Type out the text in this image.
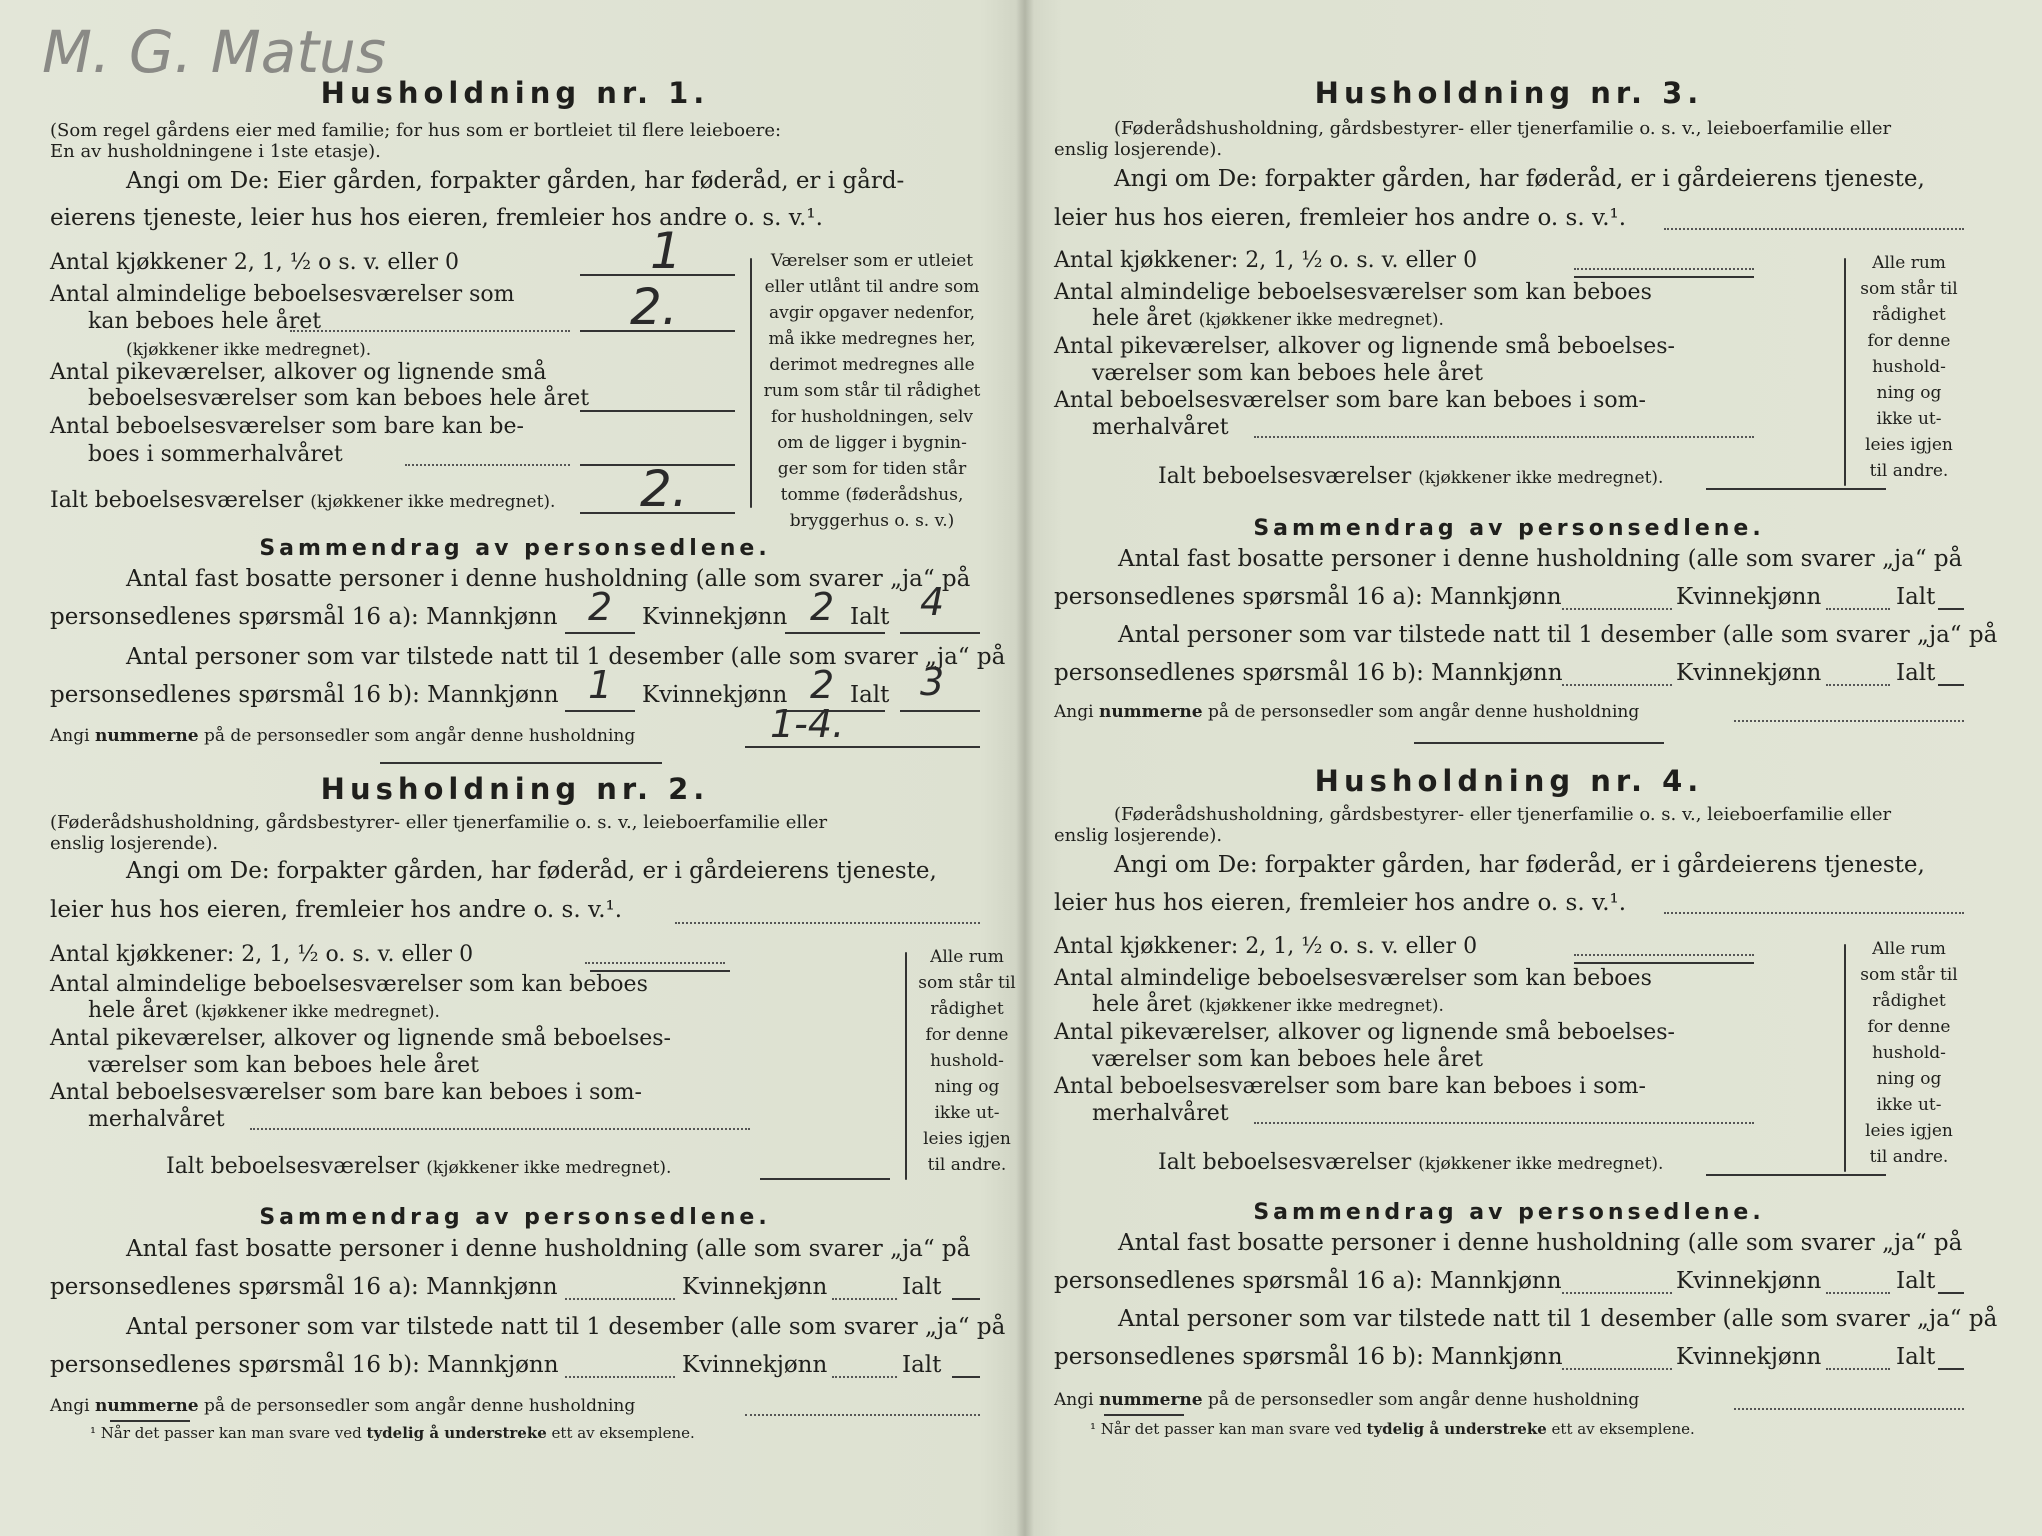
M. G. Matus
Husholdning nr. 1.
(Som regel gårdens eier med familie; for hus som er bortleiet til flere leieboere:
En av husholdningene i 1ste etasje).
Angi om De: Eier gården, forpakter gården, har føderåd, er i gård-
eierens tjeneste, leier hus hos eieren, fremleier hos andre o. s. v.¹.
Antal kjøkkener 2, 1, ½ o s. v. eller 0	1
Antal almindelige beboelsesværelser som
kan beboes hele året	2.
(kjøkkener ikke medregnet).
Antal pikeværelser, alkover og lignende små
beboelsesværelser som kan beboes hele året
Antal beboelsesværelser som bare kan be-
boes i sommerhalvåret
Ialt beboelsesværelser (kjøkkener ikke medregnet). 2.
Værelser som er utleiet
eller utlånt til andre som
avgir opgaver nedenfor,
må ikke medregnes her,
derimot medregnes alle
rum som står til rådighet
for husholdningen, selv
om de ligger i bygnin-
ger som for tiden står
tomme (føderådshus,
bryggerhus o. s. v.)
Sammendrag av personsedlene.
Antal fast bosatte personer i denne husholdning (alle som svarer „ja“ på
personsedlenes spørsmål 16 a): Mannkjønn 2 Kvinnekjønn 2 Ialt 4
Antal personer som var tilstede natt til 1 desember (alle som svarer „ja“ på
personsedlenes spørsmål 16 b): Mannkjønn 1 Kvinnekjønn 2 Ialt 3
Angi nummerne på de personsedler som angår denne husholdning	1-4.
Husholdning nr. 2.
(Føderådshusholdning, gårdsbestyrer- eller tjenerfamilie o. s. v., leieboerfamilie eller
enslig losjerende).
Angi om De: forpakter gården, har føderåd, er i gårdeierens tjeneste,
leier hus hos eieren, fremleier hos andre o. s. v.¹.
Antal kjøkkener: 2, 1, ½ o. s. v. eller 0
Antal almindelige beboelsesværelser som kan beboes
hele året (kjøkkener ikke medregnet).
Antal pikeværelser, alkover og lignende små beboelses-
værelser som kan beboes hele året
Antal beboelsesværelser som bare kan beboes i som-
merhalvåret
Ialt beboelsesværelser (kjøkkener ikke medregnet).
Alle rum
som står til
rådighet
for denne
hushold-
ning og
ikke ut-
leies igjen
til andre.
Sammendrag av personsedlene.
Antal fast bosatte personer i denne husholdning (alle som svarer „ja“ på
personsedlenes spørsmål 16 a): Mannkjønn	Kvinnekjønn	Ialt
Antal personer som var tilstede natt til 1 desember (alle som svarer „ja“ på
personsedlenes spørsmål 16 b): Mannkjønn	Kvinnekjønn	Ialt
Angi nummerne på de personsedler som angår denne husholdning
¹ Når det passer kan man svare ved tydelig å understreke ett av eksemplene.
Husholdning nr. 3.
(Føderådshusholdning, gårdsbestyrer- eller tjenerfamilie o. s. v., leieboerfamilie eller
enslig losjerende).
Angi om De: forpakter gården, har føderåd, er i gårdeierens tjeneste,
leier hus hos eieren, fremleier hos andre o. s. v.¹.
Antal kjøkkener: 2, 1, ½ o. s. v. eller 0
Antal almindelige beboelsesværelser som kan beboes
hele året (kjøkkener ikke medregnet).
Antal pikeværelser, alkover og lignende små beboelses-
værelser som kan beboes hele året
Antal beboelsesværelser som bare kan beboes i som-
merhalvåret
Ialt beboelsesværelser (kjøkkener ikke medregnet).
Alle rum
som står til
rådighet
for denne
hushold-
ning og
ikke ut-
leies igjen
til andre.
Sammendrag av personsedlene.
Antal fast bosatte personer i denne husholdning (alle som svarer „ja“ på
personsedlenes spørsmål 16 a): Mannkjønn	Kvinnekjønn	Ialt
Antal personer som var tilstede natt til 1 desember (alle som svarer „ja“ på
personsedlenes spørsmål 16 b): Mannkjønn	Kvinnekjønn	Ialt
Angi nummerne på de personsedler som angår denne husholdning
Husholdning nr. 4.
(Føderådshusholdning, gårdsbestyrer- eller tjenerfamilie o. s. v., leieboerfamilie eller
enslig losjerende).
Angi om De: forpakter gården, har føderåd, er i gårdeierens tjeneste,
leier hus hos eieren, fremleier hos andre o. s. v.¹.
Antal kjøkkener: 2, 1, ½ o. s. v. eller 0
Antal almindelige beboelsesværelser som kan beboes
hele året (kjøkkener ikke medregnet).
Antal pikeværelser, alkover og lignende små beboelses-
værelser som kan beboes hele året
Antal beboelsesværelser som bare kan beboes i som-
merhalvåret
Ialt beboelsesværelser (kjøkkener ikke medregnet).
Alle rum
som står til
rådighet
for denne
hushold-
ning og
ikke ut-
leies igjen
til andre.
Sammendrag av personsedlene.
Antal fast bosatte personer i denne husholdning (alle som svarer „ja“ på
personsedlenes spørsmål 16 a): Mannkjønn	Kvinnekjønn	Ialt
Antal personer som var tilstede natt til 1 desember (alle som svarer „ja“ på
personsedlenes spørsmål 16 b): Mannkjønn	Kvinnekjønn	Ialt
Angi nummerne på de personsedler som angår denne husholdning
¹ Når det passer kan man svare ved tydelig å understreke ett av eksemplene.
